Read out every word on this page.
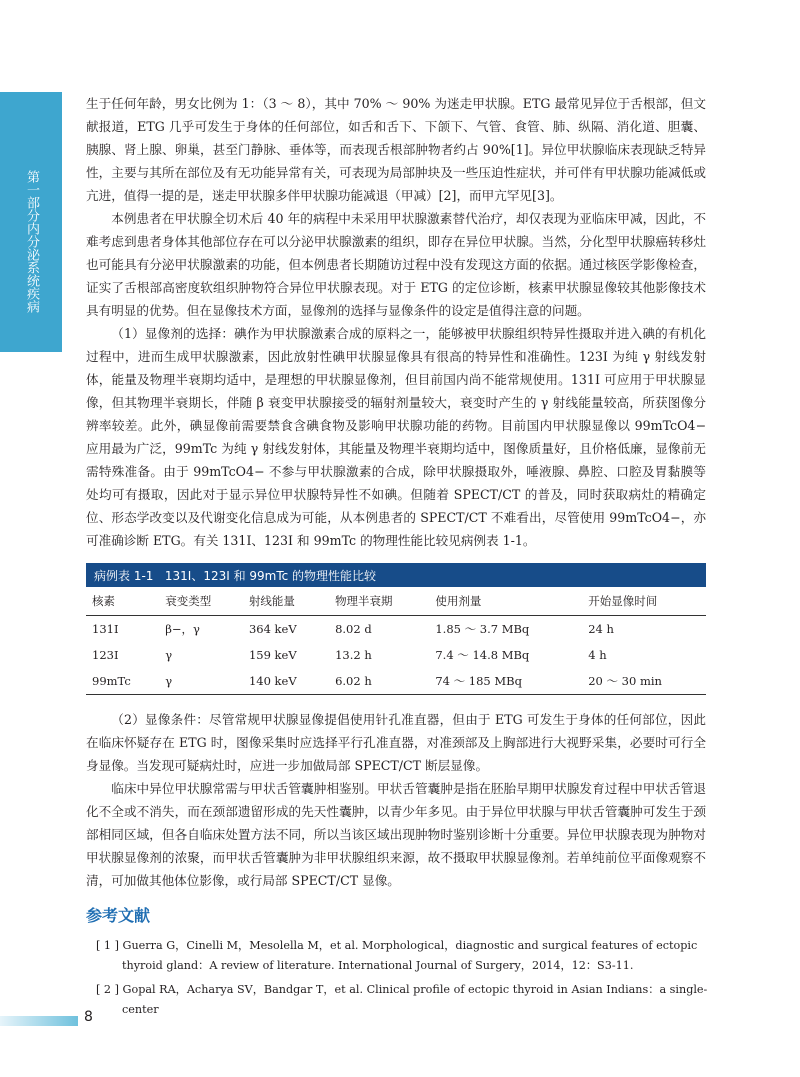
第一部分
内分泌系统疾病

生于任何年龄，男女比例为 1：（3 ～ 8），其中 70% ～ 90% 为迷走甲状腺。ETG 最常见异位于舌根部，但文献报道，ETG 几乎可发生于身体的任何部位，如舌和舌下、下颌下、气管、食管、肺、纵隔、消化道、胆囊、胰腺、肾上腺、卵巢，甚至门静脉、垂体等，而表现舌根部肿物者约占 90%[1]。异位甲状腺临床表现缺乏特异性，主要与其所在部位及有无功能异常有关，可表现为局部肿块及一些压迫性症状，并可伴有甲状腺功能减低或亢进，值得一提的是，迷走甲状腺多伴甲状腺功能减退（甲减）[2]，而甲亢罕见[3]。

本例患者在甲状腺全切术后 40 年的病程中未采用甲状腺激素替代治疗，却仅表现为亚临床甲减，因此，不难考虑到患者身体其他部位存在可以分泌甲状腺激素的组织，即存在异位甲状腺。当然，分化型甲状腺癌转移灶也可能具有分泌甲状腺激素的功能，但本例患者长期随访过程中没有发现这方面的依据。通过核医学影像检查，证实了舌根部高密度软组织肿物符合异位甲状腺表现。对于 ETG 的定位诊断，核素甲状腺显像较其他影像技术具有明显的优势。但在显像技术方面，显像剂的选择与显像条件的设定是值得注意的问题。

（1）显像剂的选择：碘作为甲状腺激素合成的原料之一，能够被甲状腺组织特异性摄取并进入碘的有机化过程中，进而生成甲状腺激素，因此放射性碘甲状腺显像具有很高的特异性和准确性。123I 为纯 γ 射线发射体，能量及物理半衰期均适中，是理想的甲状腺显像剂，但目前国内尚不能常规使用。131I 可应用于甲状腺显像，但其物理半衰期长，伴随 β 衰变甲状腺接受的辐射剂量较大，衰变时产生的 γ 射线能量较高，所获图像分辨率较差。此外，碘显像前需要禁食含碘食物及影响甲状腺功能的药物。目前国内甲状腺显像以 99mTcO4− 应用最为广泛，99mTc 为纯 γ 射线发射体，其能量及物理半衰期均适中，图像质量好，且价格低廉，显像前无需特殊准备。由于 99mTcO4− 不参与甲状腺激素的合成，除甲状腺摄取外，唾液腺、鼻腔、口腔及胃黏膜等处均可有摄取，因此对于显示异位甲状腺特异性不如碘。但随着 SPECT/CT 的普及，同时获取病灶的精确定位、形态学改变以及代谢变化信息成为可能，从本例患者的 SPECT/CT 不难看出，尽管使用 99mTcO4−，亦可准确诊断 ETG。有关 131I、123I 和 99mTc 的物理性能比较见病例表 1-1。

病例表 1-1 131I、123I 和 99mTc 的物理性能比较
核素	衰变类型	射线能量	物理半衰期	使用剂量	开始显像时间
131I	β−，γ	364 keV	8.02 d	1.85 ～ 3.7 MBq	24 h
123I	γ	159 keV	13.2 h	7.4 ～ 14.8 MBq	4 h
99mTc	γ	140 keV	6.02 h	74 ～ 185 MBq	20 ～ 30 min

（2）显像条件：尽管常规甲状腺显像提倡使用针孔准直器，但由于 ETG 可发生于身体的任何部位，因此在临床怀疑存在 ETG 时，图像采集时应选择平行孔准直器，对准颈部及上胸部进行大视野采集，必要时可行全身显像。当发现可疑病灶时，应进一步加做局部 SPECT/CT 断层显像。

临床中异位甲状腺常需与甲状舌管囊肿相鉴别。甲状舌管囊肿是指在胚胎早期甲状腺发育过程中甲状舌管退化不全或不消失，而在颈部遗留形成的先天性囊肿，以青少年多见。由于异位甲状腺与甲状舌管囊肿可发生于颈部相同区域，但各自临床处置方法不同，所以当该区域出现肿物时鉴别诊断十分重要。异位甲状腺表现为肿物对甲状腺显像剂的浓聚，而甲状舌管囊肿为非甲状腺组织来源，故不摄取甲状腺显像剂。若单纯前位平面像观察不清，可加做其他体位影像，或行局部 SPECT/CT 显像。

参考文献

[ 1 ] Guerra G，Cinelli M，Mesolella M，et al. Morphological，diagnostic and surgical features of ectopic thyroid gland：A review of literature. International Journal of Surgery，2014，12：S3-11.

[ 2 ] Gopal RA，Acharya SV，Bandgar T，et al. Clinical profile of ectopic thyroid in Asian Indians：a single-center

8
